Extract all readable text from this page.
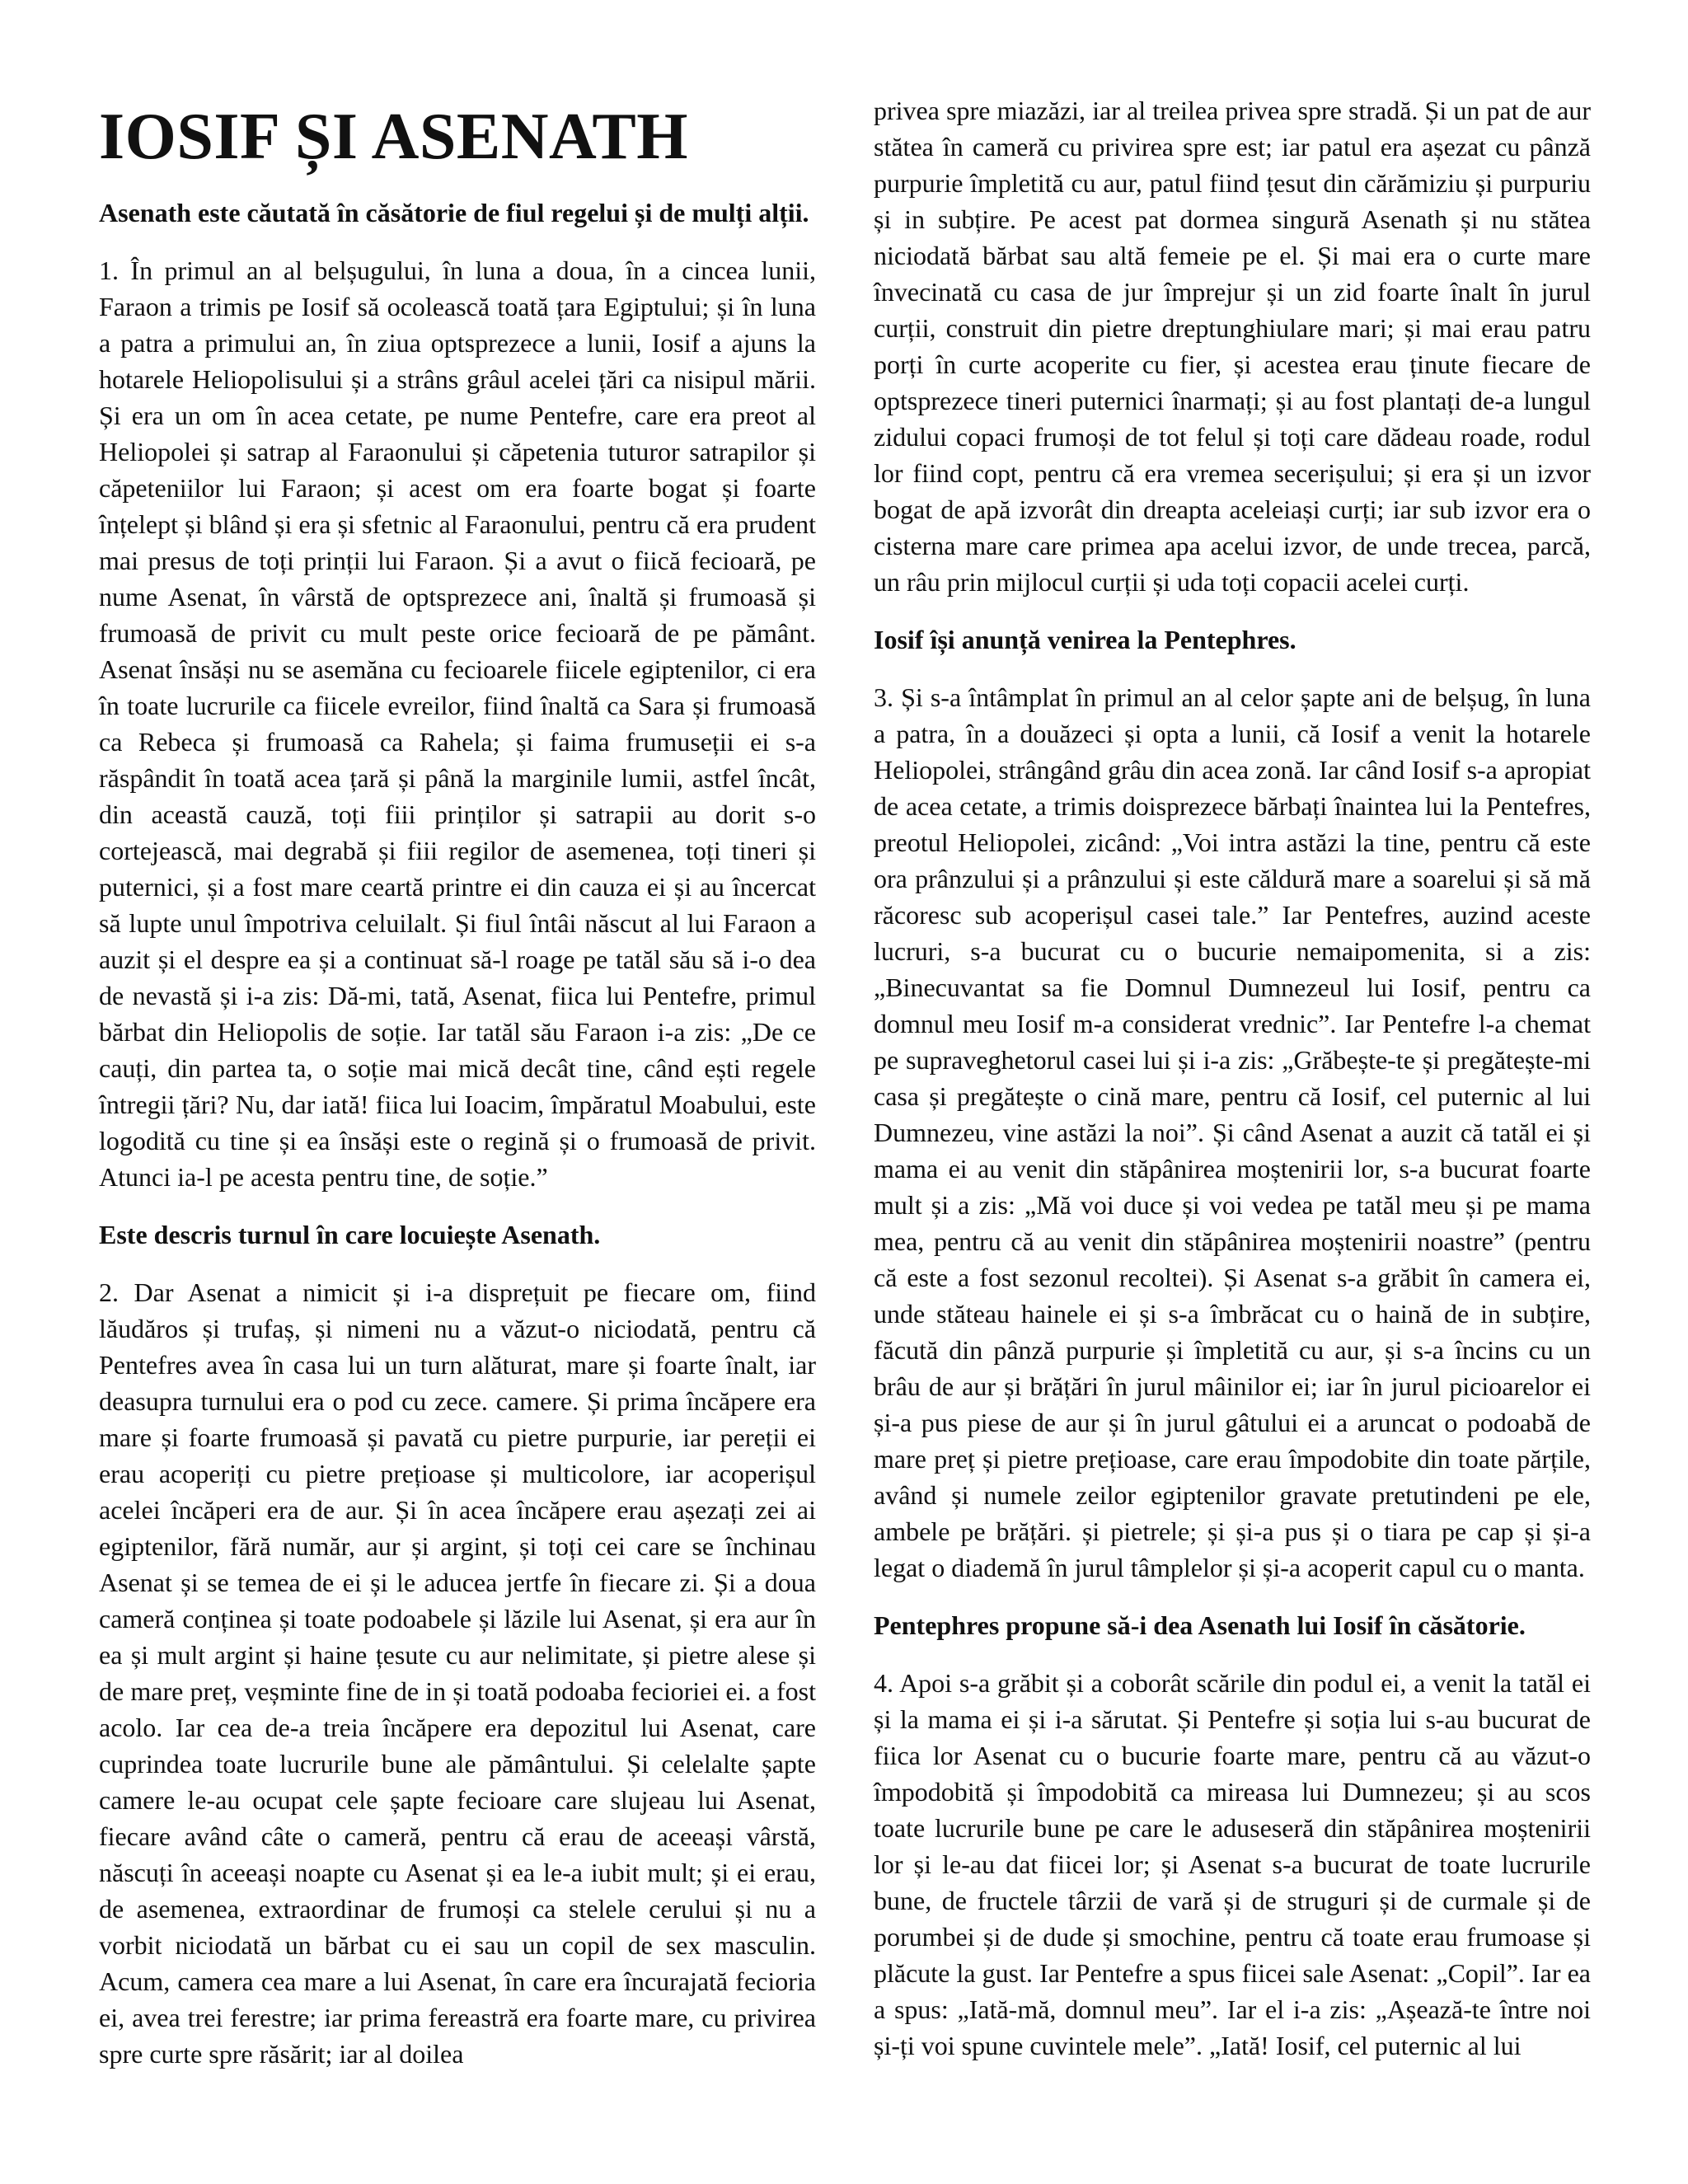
IOSIF ȘI ASENATH
Asenath este căutată în căsătorie de fiul regelui și de mulți alții.

1. În primul an al belșugului, în luna a doua, în a cincea lunii, Faraon a trimis pe Iosif să ocolească toată țara Egiptului; și în luna a patra a primului an, în ziua optsprezece a lunii, Iosif a ajuns la hotarele Heliopolisului și a strâns grâul acelei țări ca nisipul mării. Și era un om în acea cetate, pe nume Pentefre, care era preot al Heliopolei și satrap al Faraonului și căpetenia tuturor satrapilor și căpeteniilor lui Faraon; și acest om era foarte bogat și foarte înțelept și blând și era și sfetnic al Faraonului, pentru că era prudent mai presus de toți prinții lui Faraon. Și a avut o fiică fecioară, pe nume Asenat, în vârstă de optsprezece ani, înaltă și frumoasă și frumoasă de privit cu mult peste orice fecioară de pe pământ. Asenat însăși nu se asemăna cu fecioarele fiicele egiptenilor, ci era în toate lucrurile ca fiicele evreilor, fiind înaltă ca Sara și frumoasă ca Rebeca și frumoasă ca Rahela; și faima frumuseții ei s-a răspândit în toată acea țară și până la marginile lumii, astfel încât, din această cauză, toți fiii prinților și satrapii au dorit s-o cortejească, mai degrabă și fiii regilor de asemenea, toți tineri și puternici, și a fost mare ceartă printre ei din cauza ei și au încercat să lupte unul împotriva celuilalt. Și fiul întâi născut al lui Faraon a auzit și el despre ea și a continuat să-l roage pe tatăl său să i-o dea de nevastă și i-a zis: Dă-mi, tată, Asenat, fiica lui Pentefre, primul bărbat din Heliopolis de soție. Iar tatăl său Faraon i-a zis: „De ce cauți, din partea ta, o soție mai mică decât tine, când ești regele întregii țări? Nu, dar iată! fiica lui Ioacim, împăratul Moabului, este logodită cu tine și ea însăși este o regină și o frumoasă de privit. Atunci ia-l pe acesta pentru tine, de soție.”

Este descris turnul în care locuiește Asenath.

2. Dar Asenat a nimicit și i-a disprețuit pe fiecare om, fiind lăudăros și trufaș, și nimeni nu a văzut-o niciodată, pentru că Pentefres avea în casa lui un turn alăturat, mare și foarte înalt, iar deasupra turnului era o pod cu zece. camere. Și prima încăpere era mare și foarte frumoasă și pavată cu pietre purpurie, iar pereții ei erau acoperiți cu pietre prețioase și multicolore, iar acoperișul acelei încăperi era de aur. Și în acea încăpere erau așezați zei ai egiptenilor, fără număr, aur și argint, și toți cei care se închinau Asenat și se temea de ei și le aducea jertfe în fiecare zi. Și a doua cameră conținea și toate podoabele și lăzile lui Asenat, și era aur în ea și mult argint și haine țesute cu aur nelimitate, și pietre alese și de mare preț, veșminte fine de in și toată podoaba fecioriei ei. a fost acolo. Iar cea de-a treia încăpere era depozitul lui Asenat, care cuprindea toate lucrurile bune ale pământului. Și celelalte șapte camere le-au ocupat cele șapte fecioare care slujeau lui Asenat, fiecare având câte o cameră, pentru că erau de aceeași vârstă, născuți în aceeași noapte cu Asenat și ea le-a iubit mult; și ei erau, de asemenea, extraordinar de frumoși ca stelele cerului și nu a vorbit niciodată un bărbat cu ei sau un copil de sex masculin. Acum, camera cea mare a lui Asenat, în care era încurajată fecioria ei, avea trei ferestre; iar prima fereastră era foarte mare, cu privirea spre curte spre răsărit; iar al doilea

privea spre miazăzi, iar al treilea privea spre stradă. Și un pat de aur stătea în cameră cu privirea spre est; iar patul era așezat cu pânză purpurie împletită cu aur, patul fiind țesut din cărămiziu și purpuriu și in subțire. Pe acest pat dormea singură Asenath și nu stătea niciodată bărbat sau altă femeie pe el. Și mai era o curte mare învecinată cu casa de jur împrejur și un zid foarte înalt în jurul curții, construit din pietre dreptunghiulare mari; și mai erau patru porți în curte acoperite cu fier, și acestea erau ținute fiecare de optsprezece tineri puternici înarmați; și au fost plantați de-a lungul zidului copaci frumoși de tot felul și toți care dădeau roade, rodul lor fiind copt, pentru că era vremea secerișului; și era și un izvor bogat de apă izvorât din dreapta aceleiași curți; iar sub izvor era o cisterna mare care primea apa acelui izvor, de unde trecea, parcă, un râu prin mijlocul curții și uda toți copacii acelei curți.

Iosif își anunță venirea la Pentephres.

3. Și s-a întâmplat în primul an al celor șapte ani de belșug, în luna a patra, în a douăzeci și opta a lunii, că Iosif a venit la hotarele Heliopolei, strângând grâu din acea zonă. Iar când Iosif s-a apropiat de acea cetate, a trimis doisprezece bărbați înaintea lui la Pentefres, preotul Heliopolei, zicând: „Voi intra astăzi la tine, pentru că este ora prânzului și a prânzului și este căldură mare a soarelui și să mă răcoresc sub acoperișul casei tale.” Iar Pentefres, auzind aceste lucruri, s-a bucurat cu o bucurie nemaipomenita, si a zis: „Binecuvantat sa fie Domnul Dumnezeul lui Iosif, pentru ca domnul meu Iosif m-a considerat vrednic”. Iar Pentefre l-a chemat pe supraveghetorul casei lui și i-a zis: „Grăbește-te și pregătește-mi casa și pregătește o cină mare, pentru că Iosif, cel puternic al lui Dumnezeu, vine astăzi la noi”. Și când Asenat a auzit că tatăl ei și mama ei au venit din stăpânirea moștenirii lor, s-a bucurat foarte mult și a zis: „Mă voi duce și voi vedea pe tatăl meu și pe mama mea, pentru că au venit din stăpânirea moștenirii noastre” (pentru că este a fost sezonul recoltei). Și Asenat s-a grăbit în camera ei, unde stăteau hainele ei și s-a îmbrăcat cu o haină de in subțire, făcută din pânză purpurie și împletită cu aur, și s-a încins cu un brâu de aur și brățări în jurul mâinilor ei; iar în jurul picioarelor ei și-a pus piese de aur și în jurul gâtului ei a aruncat o podoabă de mare preț și pietre prețioase, care erau împodobite din toate părțile, având și numele zeilor egiptenilor gravate pretutindeni pe ele, ambele pe brățări. și pietrele; și și-a pus și o tiara pe cap și și-a legat o diademă în jurul tâmplelor și și-a acoperit capul cu o manta.

Pentephres propune să-i dea Asenath lui Iosif în căsătorie.

4. Apoi s-a grăbit și a coborât scările din podul ei, a venit la tatăl ei și la mama ei și i-a sărutat. Și Pentefre și soția lui s-au bucurat de fiica lor Asenat cu o bucurie foarte mare, pentru că au văzut-o împodobită și împodobită ca mireasa lui Dumnezeu; și au scos toate lucrurile bune pe care le aduseseră din stăpânirea moștenirii lor și le-au dat fiicei lor; și Asenat s-a bucurat de toate lucrurile bune, de fructele târzii de vară și de struguri și de curmale și de porumbei și de dude și smochine, pentru că toate erau frumoase și plăcute la gust. Iar Pentefre a spus fiicei sale Asenat: „Copil”. Iar ea a spus: „Iată-mă, domnul meu”. Iar el i-a zis: „Așează-te între noi și-ți voi spune cuvintele mele”. „Iată! Iosif, cel puternic al lui
